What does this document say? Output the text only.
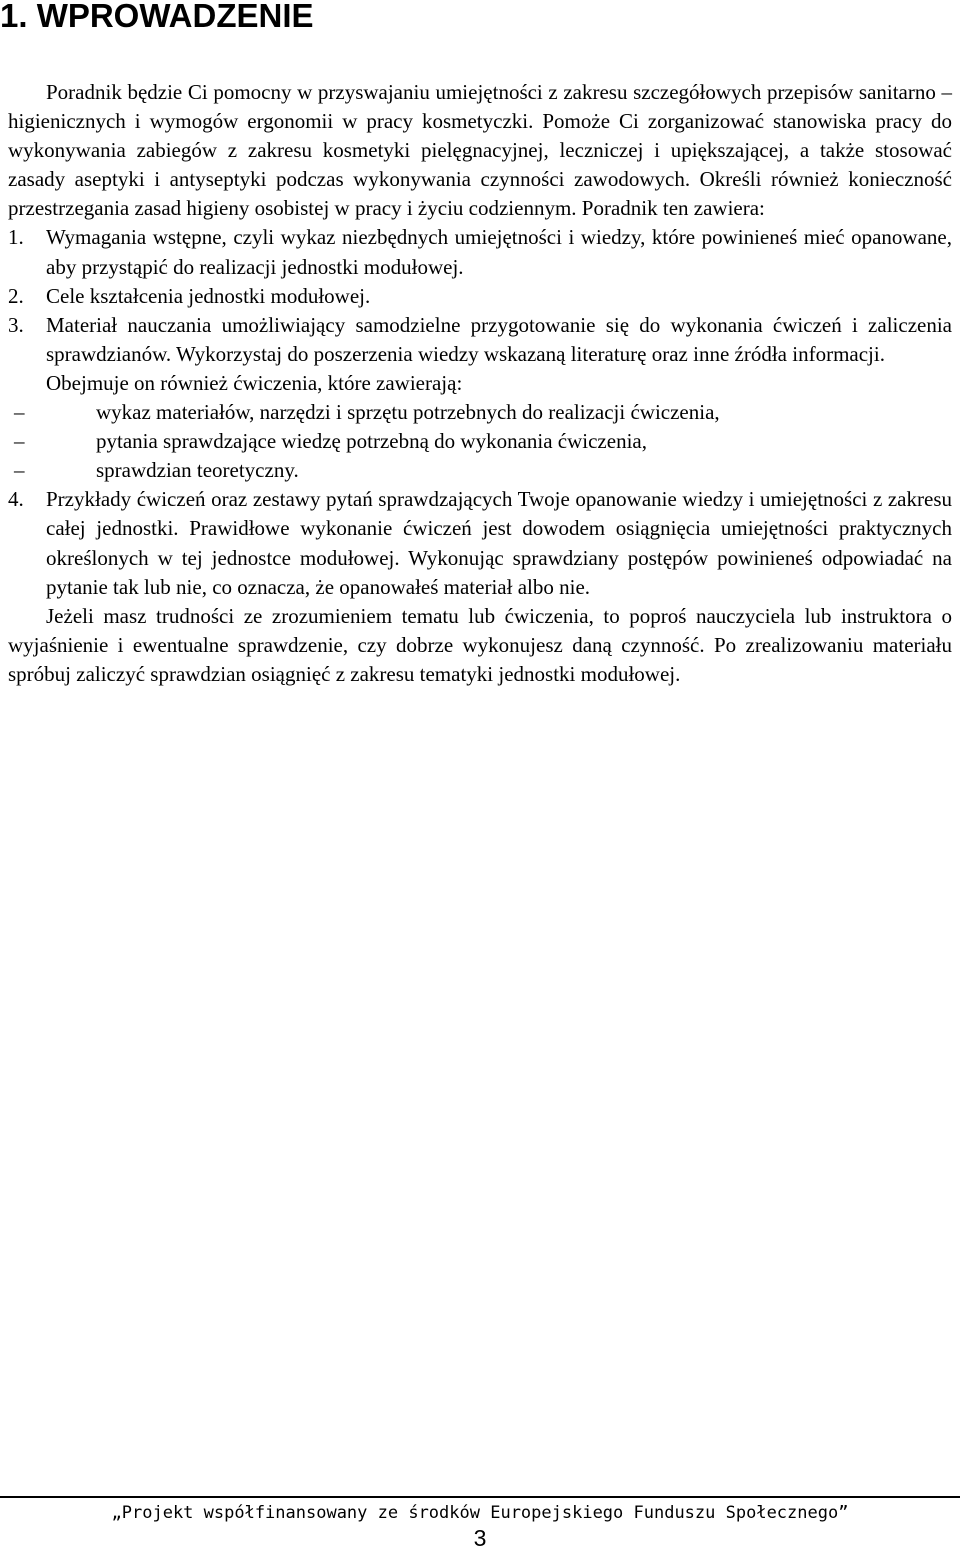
1. WPROWADZENIE

Poradnik będzie Ci pomocny w przyswajaniu umiejętności z zakresu szczegółowych przepisów sanitarno – higienicznych i wymogów ergonomii w pracy kosmetyczki. Pomoże Ci zorganizować stanowiska pracy do wykonywania zabiegów z zakresu kosmetyki pielęgnacyjnej, leczniczej i upiększającej, a także stosować zasady aseptyki i antyseptyki podczas wykonywania czynności zawodowych. Określi również konieczność przestrzegania zasad higieny osobistej w pracy i życiu codziennym. Poradnik ten zawiera:

1.	Wymagania wstępne, czyli wykaz niezbędnych umiejętności i wiedzy, które powinieneś mieć opanowane, aby przystąpić do realizacji jednostki modułowej.
2.	Cele kształcenia jednostki modułowej.
3.	Materiał nauczania umożliwiający samodzielne przygotowanie się do wykonania ćwiczeń i zaliczenia sprawdzianów. Wykorzystaj do poszerzenia wiedzy wskazaną literaturę oraz inne źródła informacji.

Obejmuje on również ćwiczenia, które zawierają:

–	wykaz materiałów, narzędzi i sprzętu potrzebnych do realizacji ćwiczenia,
–	pytania sprawdzające wiedzę potrzebną do wykonania ćwiczenia,
–	sprawdzian teoretyczny.
4.	Przykłady ćwiczeń oraz zestawy pytań sprawdzających Twoje opanowanie wiedzy i umiejętności z zakresu całej jednostki. Prawidłowe wykonanie ćwiczeń jest dowodem osiągnięcia umiejętności praktycznych określonych w tej jednostce modułowej. Wykonując sprawdziany postępów powinieneś odpowiadać na pytanie tak lub nie, co oznacza, że opanowałeś materiał albo nie.

Jeżeli masz trudności ze zrozumieniem tematu lub ćwiczenia, to poproś nauczyciela lub instruktora o wyjaśnienie i ewentualne sprawdzenie, czy dobrze wykonujesz daną czynność. Po zrealizowaniu materiału spróbuj zaliczyć sprawdzian osiągnięć z zakresu tematyki jednostki modułowej.

„Projekt współfinansowany ze środków Europejskiego Funduszu Społecznego”
3
